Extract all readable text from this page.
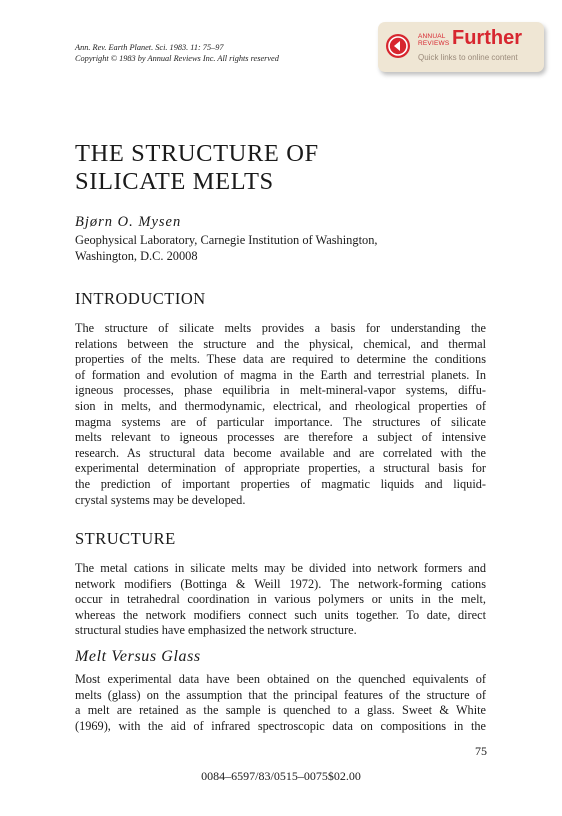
Ann. Rev. Earth Planet. Sci. 1983. 11: 75–97
Copyright © 1983 by Annual Reviews Inc. All rights reserved
ANNUAL
REVIEWS Further
Quick links to online content
THE STRUCTURE OF
SILICATE MELTS
Bjørn O. Mysen
Geophysical Laboratory, Carnegie Institution of Washington,
Washington, D.C. 20008
INTRODUCTION
The structure of silicate melts provides a basis for understanding the
relations between the structure and the physical, chemical, and thermal
properties of the melts. These data are required to determine the conditions
of formation and evolution of magma in the Earth and terrestrial planets. In
igneous processes, phase equilibria in melt-mineral-vapor systems, diffu-
sion in melts, and thermodynamic, electrical, and rheological properties of
magma systems are of particular importance. The structures of silicate
melts relevant to igneous processes are therefore a subject of intensive
research. As structural data become available and are correlated with the
experimental determination of appropriate properties, a structural basis for
the prediction of important properties of magmatic liquids and liquid-
crystal systems may be developed.
STRUCTURE
The metal cations in silicate melts may be divided into network formers and
network modifiers (Bottinga & Weill 1972). The network-forming cations
occur in tetrahedral coordination in various polymers or units in the melt,
whereas the network modifiers connect such units together. To date, direct
structural studies have emphasized the network structure.
Melt Versus Glass
Most experimental data have been obtained on the quenched equivalents of
melts (glass) on the assumption that the principal features of the structure of
a melt are retained as the sample is quenched to a glass. Sweet & White
(1969), with the aid of infrared spectroscopic data on compositions in the
75
0084–6597/83/0515–0075$02.00
